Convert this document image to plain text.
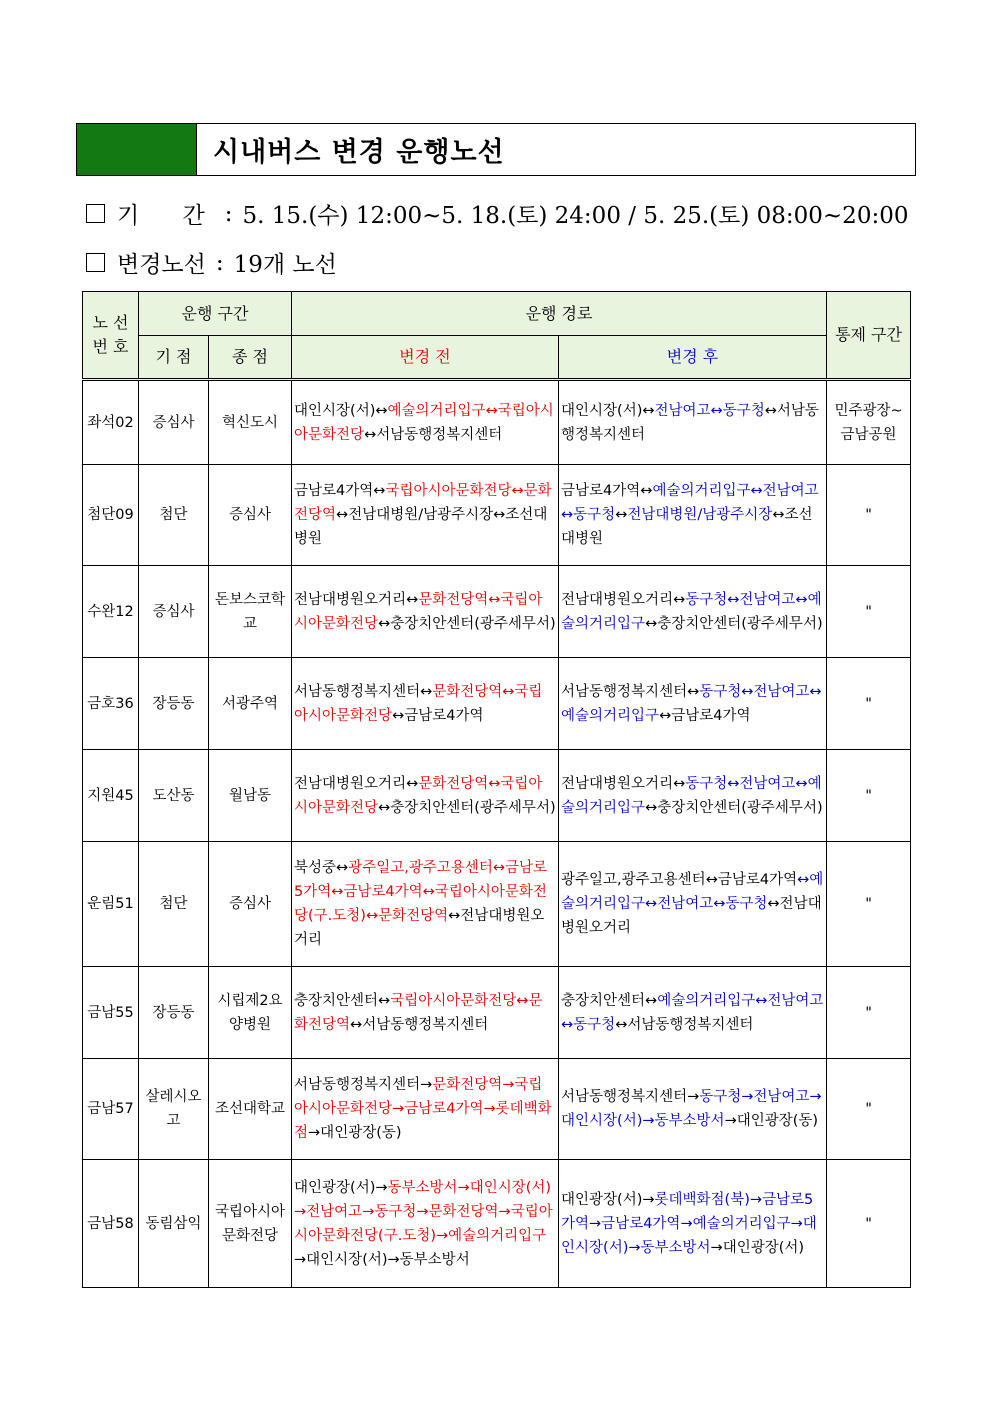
시내버스 변경 운행노선
기 간 : 5. 15.(수) 12:00~5. 18.(토) 24:00 / 5. 25.(토) 08:00~20:00
변경노선 : 19개 노선
노 선 번 호	운행 구간		운행 경로		통제 구간
	기 점	종 점	변경 전	변경 후	
좌석02	증심사	혁신도시	대인시장(서)↔예술의거리입구↔국립아시아문화전당↔서남동행정복지센터	대인시장(서)↔전남여고↔동구청↔서남동행정복지센터	민주광장~금남공원
첨단09	첨단	증심사	금남로4가역↔국립아시아문화전당↔문화전당역↔전남대병원/남광주시장↔조선대병원	금남로4가역↔예술의거리입구↔전남여고↔동구청↔전남대병원/남광주시장↔조선대병원	"
수완12	증심사	돈보스코학교	전남대병원오거리↔문화전당역↔국립아시아문화전당↔충장치안센터(광주세무서)	전남대병원오거리↔동구청↔전남여고↔예술의거리입구↔충장치안센터(광주세무서)	"
금호36	장등동	서광주역	서남동행정복지센터↔문화전당역↔국립아시아문화전당↔금남로4가역	서남동행정복지센터↔동구청↔전남여고↔예술의거리입구↔금남로4가역	"
지원45	도산동	월남동	전남대병원오거리↔문화전당역↔국립아시아문화전당↔충장치안센터(광주세무서)	전남대병원오거리↔동구청↔전남여고↔예술의거리입구↔충장치안센터(광주세무서)	"
운림51	첨단	증심사	북성중↔광주일고,광주고용센터↔금남로5가역↔금남로4가역↔국립아시아문화전당(구.도청)↔문화전당역↔전남대병원오거리	광주일고,광주고용센터↔금남로4가역↔예술의거리입구↔전남여고↔동구청↔전남대병원오거리	"
금남55	장등동	시립제2요양병원	충장치안센터↔국립아시아문화전당↔문화전당역↔서남동행정복지센터	충장치안센터↔예술의거리입구↔전남여고↔동구청↔서남동행정복지센터	"
금남57	살레시오고	조선대학교	서남동행정복지센터→문화전당역→국립아시아문화전당→금남로4가역→롯데백화점→대인광장(동)	서남동행정복지센터→동구청→전남여고→대인시장(서)→동부소방서→대인광장(동)	"
금남58	동림삼익	국립아시아문화전당	대인광장(서)→동부소방서→대인시장(서)→전남여고→동구청→문화전당역→국립아시아문화전당(구.도청)→예술의거리입구→대인시장(서)→동부소방서	대인광장(서)→롯데백화점(북)→금남로5가역→금남로4가역→예술의거리입구→대인시장(서)→동부소방서→대인광장(서)	"
